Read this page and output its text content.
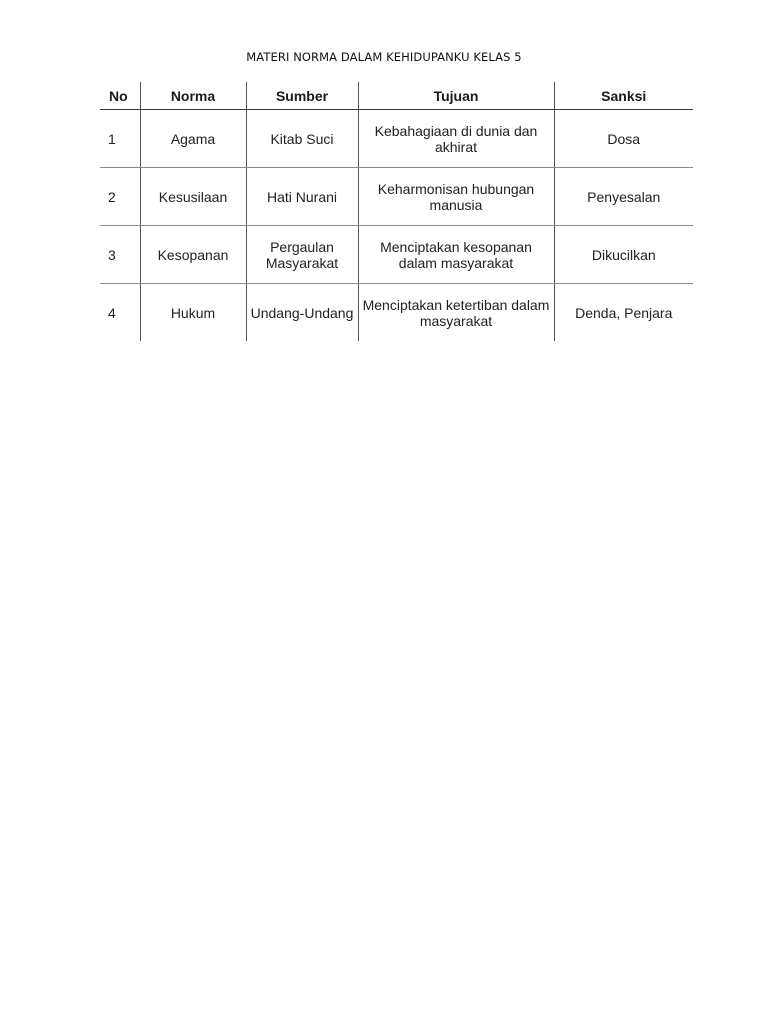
MATERI NORMA DALAM KEHIDUPANKU KELAS 5
No	Norma	Sumber	Tujuan	Sanksi
1	Agama	Kitab Suci	Kebahagiaan di dunia dan akhirat	Dosa
2	Kesusilaan	Hati Nurani	Keharmonisan hubungan manusia	Penyesalan
3	Kesopanan	Pergaulan Masyarakat	Menciptakan kesopanan dalam masyarakat	Dikucilkan
4	Hukum	Undang-Undang	Menciptakan ketertiban dalam masyarakat	Denda, Penjara
